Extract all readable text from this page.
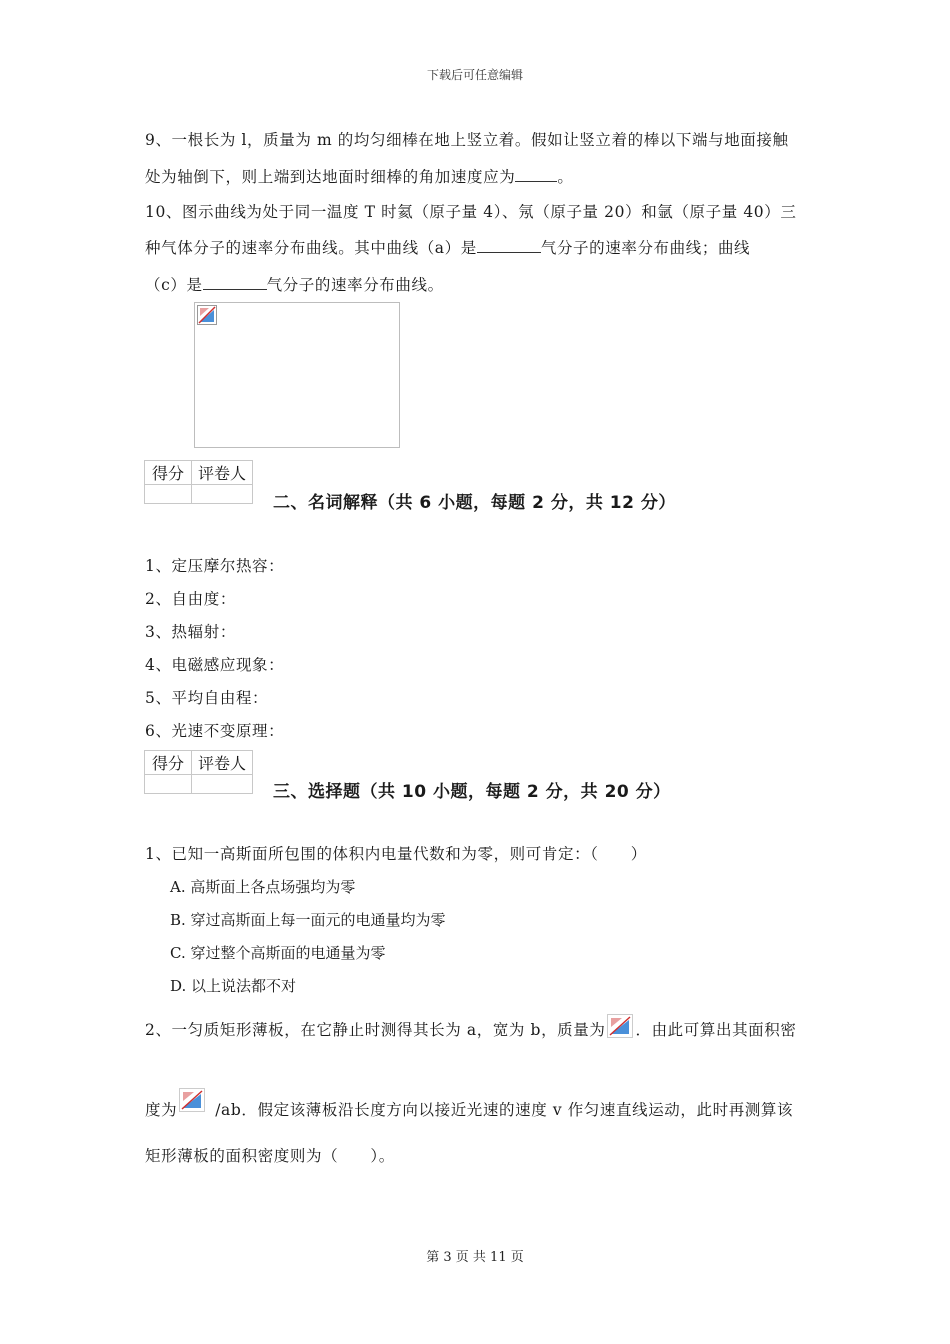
下载后可任意编辑
9、一根长为 l，质量为 m 的均匀细棒在地上竖立着。假如让竖立着的棒以下端与地面接触
处为轴倒下，则上端到达地面时细棒的角加速度应为	。
10、图示曲线为处于同一温度 T 时氦（原子量 4）、氖（原子量 20）和氩（原子量 40）三
种气体分子的速率分布曲线。其中曲线（a）是	气分子的速率分布曲线；曲线
（c）是	气分子的速率分布曲线。
得分	评卷人

二、名词解释（共 6 小题，每题 2 分，共 12 分）
1、定压摩尔热容：
2、自由度：
3、热辐射：
4、电磁感应现象：
5、平均自由程：
6、光速不变原理：
得分	评卷人

三、选择题（共 10 小题，每题 2 分，共 20 分）
1、已知一高斯面所包围的体积内电量代数和为零，则可肯定：（　　）
A. 高斯面上各点场强均为零
B. 穿过高斯面上每一面元的电通量均为零
C. 穿过整个高斯面的电通量为零
D. 以上说法都不对
2、一匀质矩形薄板，在它静止时测得其长为 a，宽为 b，质量为 ．由此可算出其面积密
度为 /ab．假定该薄板沿长度方向以接近光速的速度 v 作匀速直线运动，此时再测算该
矩形薄板的面积密度则为（　　）。
第 3 页 共 11 页
